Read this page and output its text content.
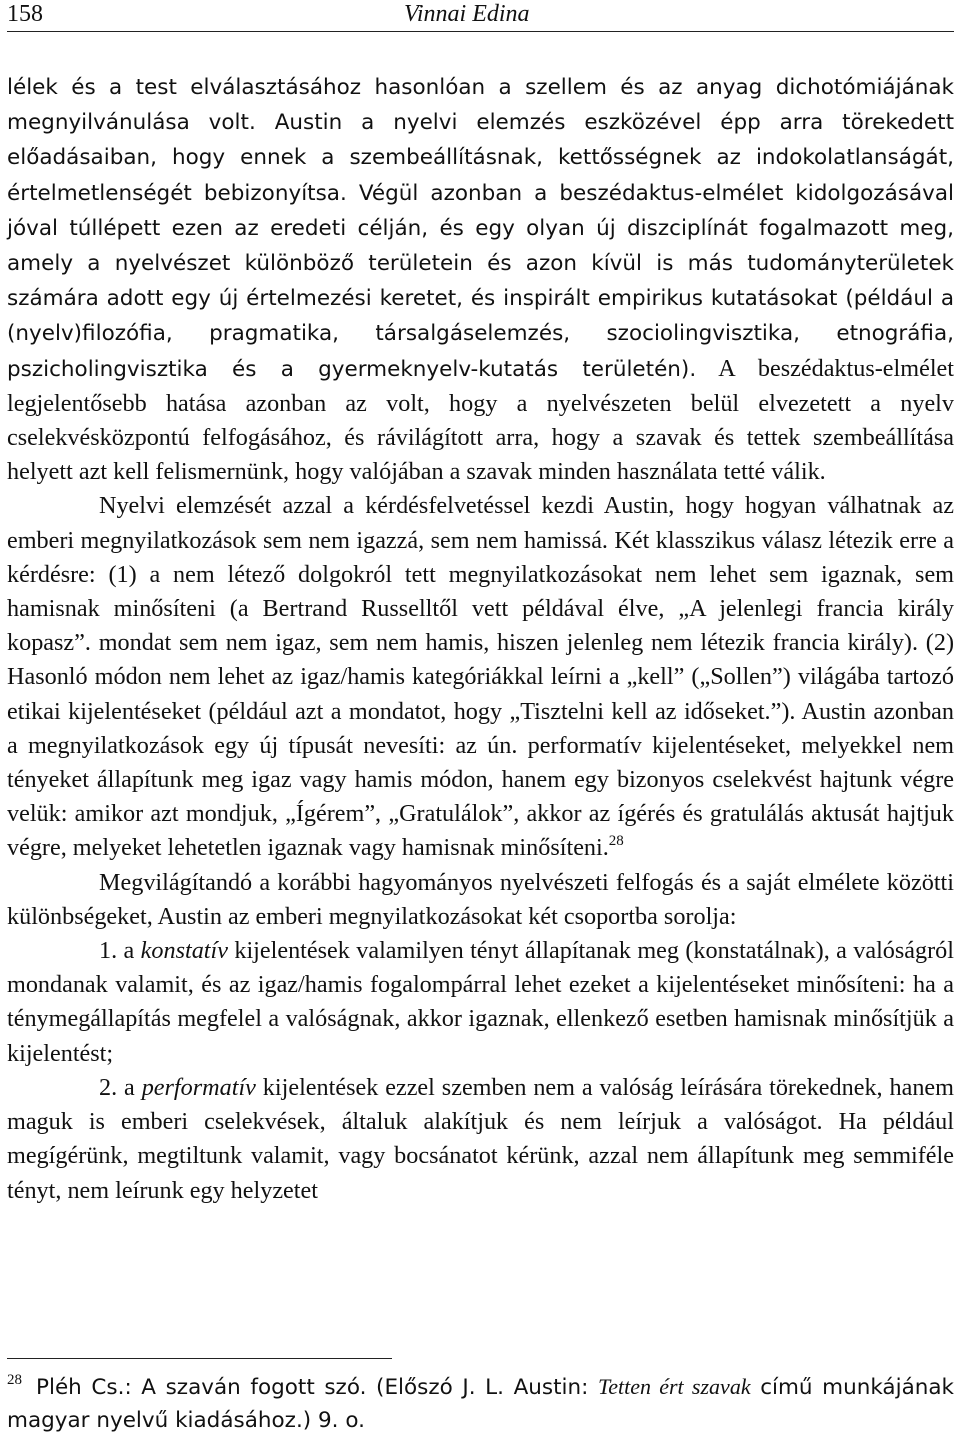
158	Vinnai Edina

lélek és a test elválasztásához hasonlóan a szellem és az anyag dichotómiájának megnyilvánulása volt. Austin a nyelvi elemzés eszközével épp arra törekedett előadásaiban, hogy ennek a szembeállításnak, kettősségnek az indokolatlanságát, értelmetlenségét bebizonyítsa. Végül azonban a beszédaktus-elmélet kidolgozásával jóval túllépett ezen az eredeti célján, és egy olyan új diszciplínát fogalmazott meg, amely a nyelvészet különböző területein és azon kívül is más tudományterületek számára adott egy új értelmezési keretet, és inspirált empirikus kutatásokat (például a (nyelv)filozófia, pragmatika, társalgáselemzés, szociolingvisztika, etnográfia, pszicholingvisztika és a gyermeknyelv-kutatás területén). A beszédaktus-elmélet legjelentősebb hatása azonban az volt, hogy a nyelvészeten belül elvezetett a nyelv cselekvésközpontú felfogásához, és rávilágított arra, hogy a szavak és tettek szembeállítása helyett azt kell felismernünk, hogy valójában a szavak minden használata tetté válik.

Nyelvi elemzését azzal a kérdésfelvetéssel kezdi Austin, hogy hogyan válhatnak az emberi megnyilatkozások sem nem igazzá, sem nem hamissá. Két klasszikus válasz létezik erre a kérdésre: (1) a nem létező dolgokról tett megnyilatkozásokat nem lehet sem igaznak, sem hamisnak minősíteni (a Bertrand Russelltől vett példával élve, „A jelenlegi francia király kopasz”. mondat sem nem igaz, sem nem hamis, hiszen jelenleg nem létezik francia király). (2) Hasonló módon nem lehet az igaz/hamis kategóriákkal leírni a „kell” („Sollen”) világába tartozó etikai kijelentéseket (például azt a mondatot, hogy „Tisztelni kell az időseket.”). Austin azonban a megnyilatkozások egy új típusát nevesíti: az ún. performatív kijelentéseket, melyekkel nem tényeket állapítunk meg igaz vagy hamis módon, hanem egy bizonyos cselekvést hajtunk végre velük: amikor azt mondjuk, „Ígérem”, „Gratulálok”, akkor az ígérés és gratulálás aktusát hajtjuk végre, melyeket lehetetlen igaznak vagy hamisnak minősíteni.$^{28}$

Megvilágítandó a korábbi hagyományos nyelvészeti felfogás és a saját elmélete közötti különbségeket, Austin az emberi megnyilatkozásokat két csoportba sorolja:

1. a konstatív kijelentések valamilyen tényt állapítanak meg (konstatálnak), a valóságról mondanak valamit, és az igaz/hamis fogalompárral lehet ezeket a kijelentéseket minősíteni: ha a ténymegállapítás megfelel a valóságnak, akkor igaznak, ellenkező esetben hamisnak minősítjük a kijelentést;

2. a performatív kijelentések ezzel szemben nem a valóság leírására törekednek, hanem maguk is emberi cselekvések, általuk alakítjuk és nem leírjuk a valóságot. Ha például megígérünk, megtiltunk valamit, vagy bocsánatot kérünk, azzal nem állapítunk meg semmiféle tényt, nem leírunk egy helyzetet

$^{28}$ Pléh Cs.: A szaván fogott szó. (Előszó J. L. Austin: Tetten ért szavak című munkájának magyar nyelvű kiadásához.) 9. o.
